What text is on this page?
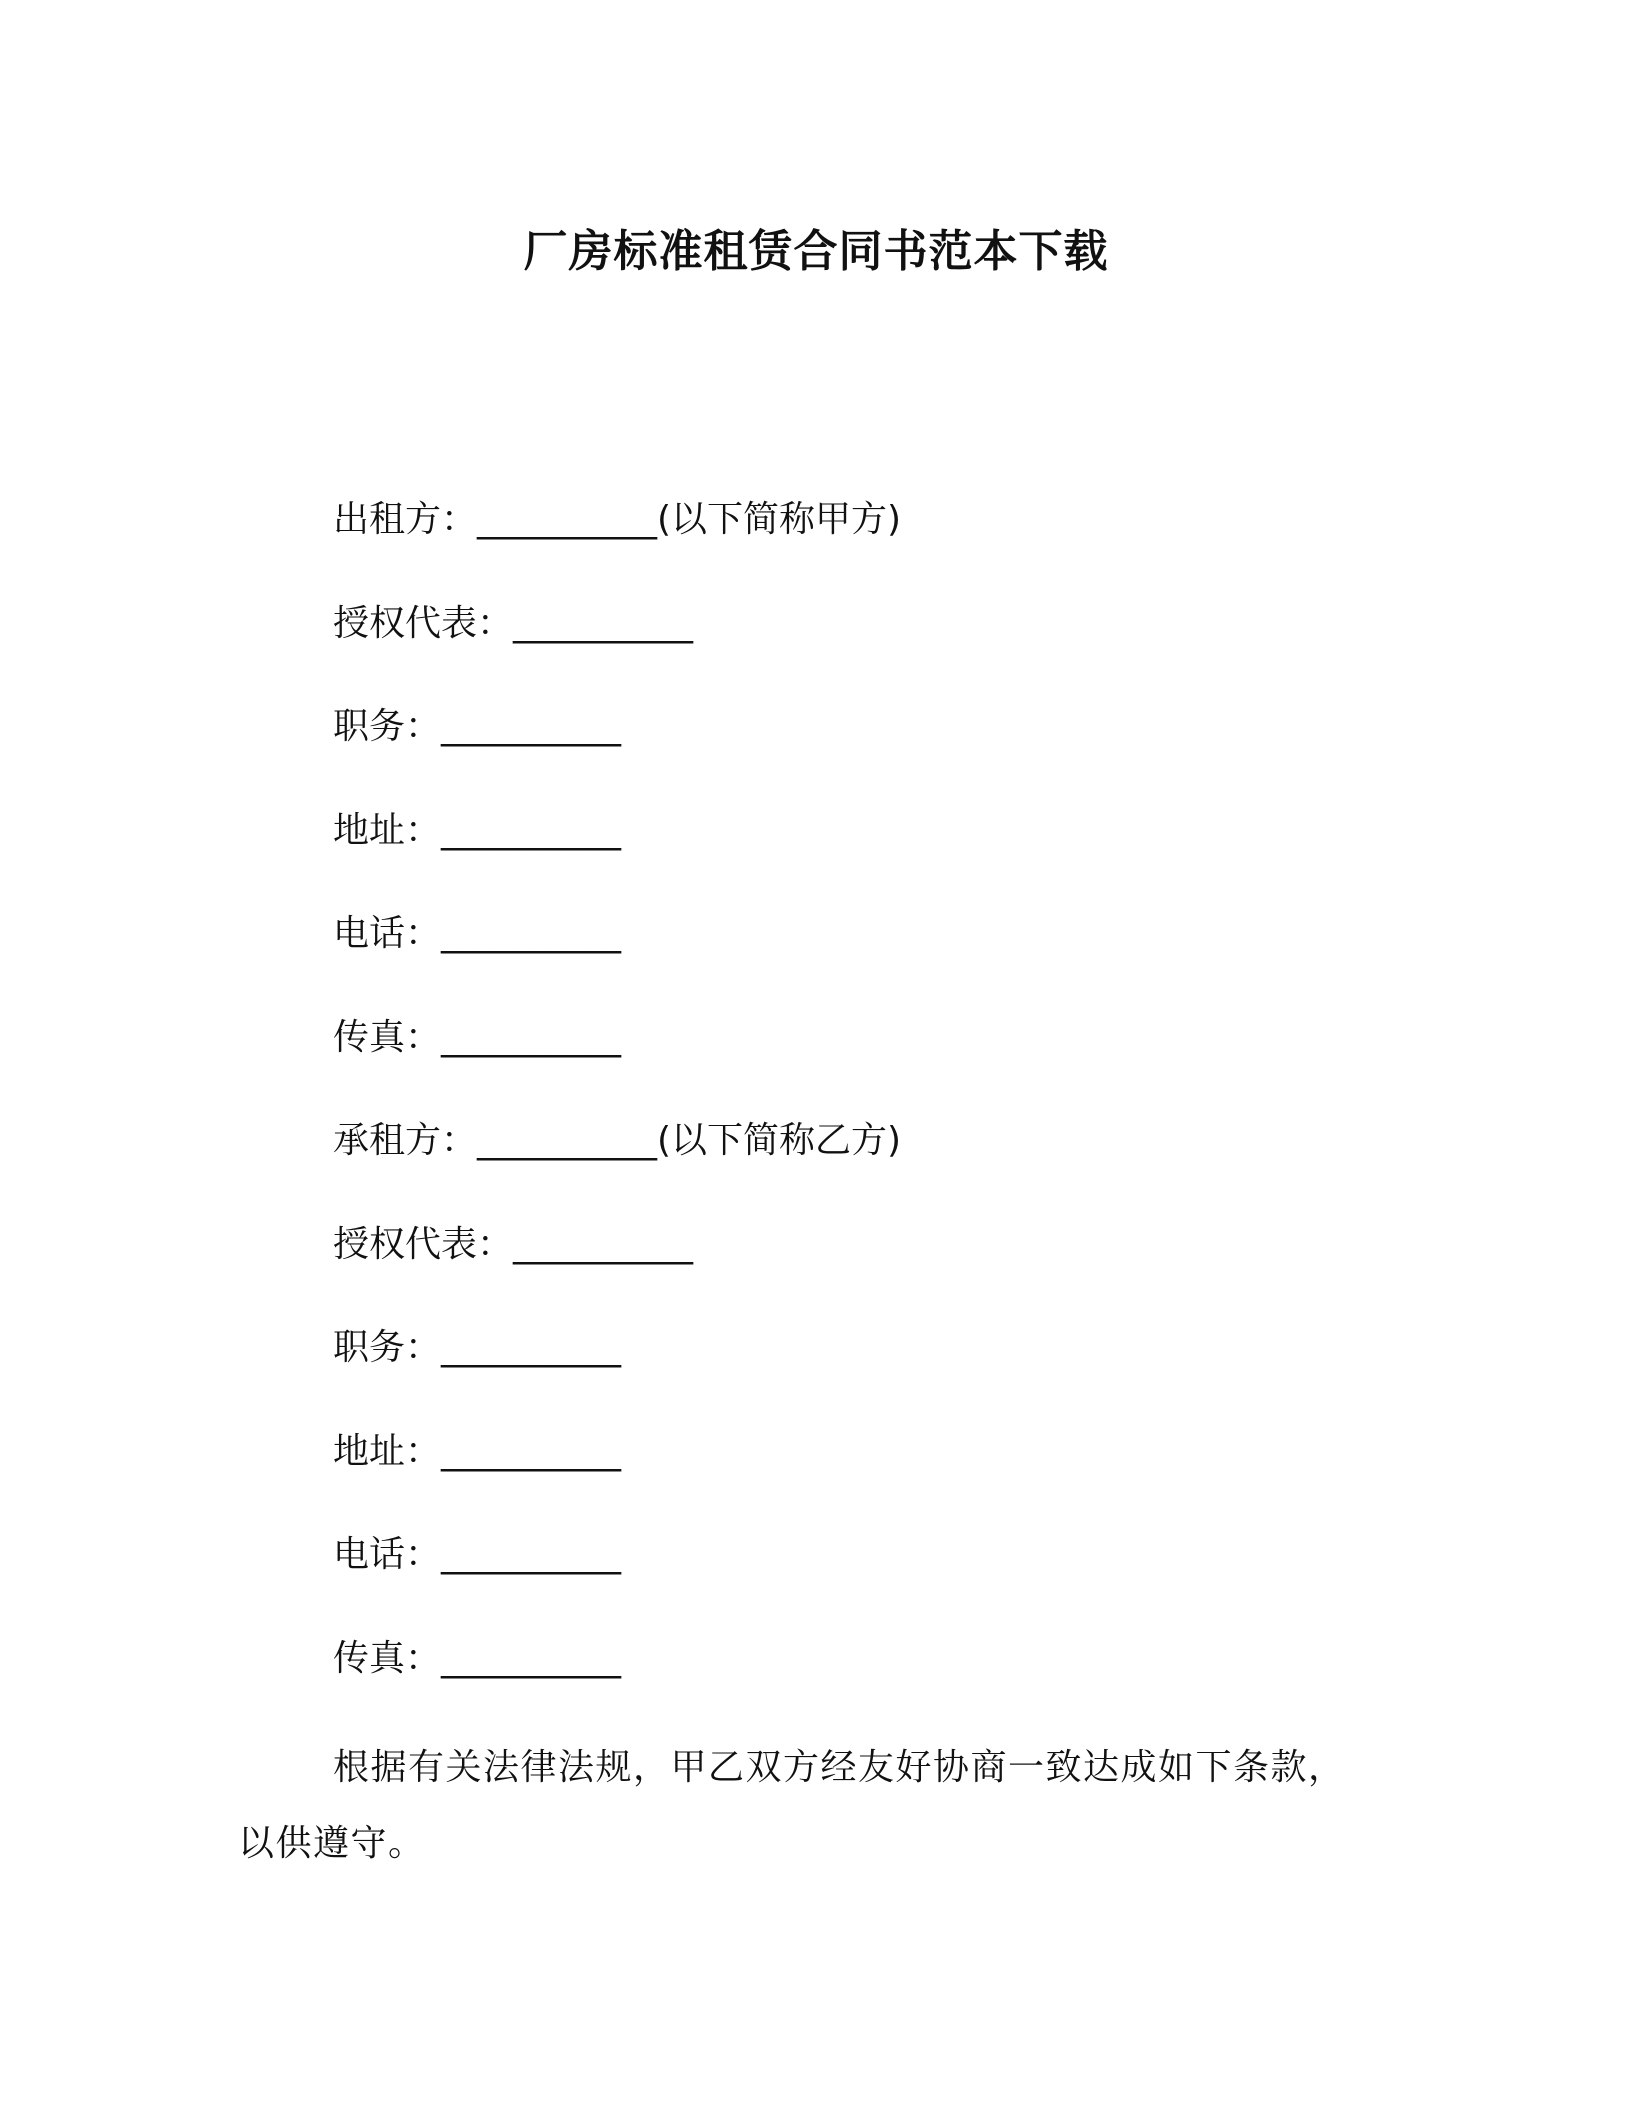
厂房标准租赁合同书范本下载
出租方：__________(以下简称甲方)
授权代表：__________
职务：__________
地址：__________
电话：__________
传真：__________
承租方：__________(以下简称乙方)
授权代表：__________
职务：__________
地址：__________
电话：__________
传真：__________

根据有关法律法规，甲乙双方经友好协商一致达成如下条款，以供遵守。
